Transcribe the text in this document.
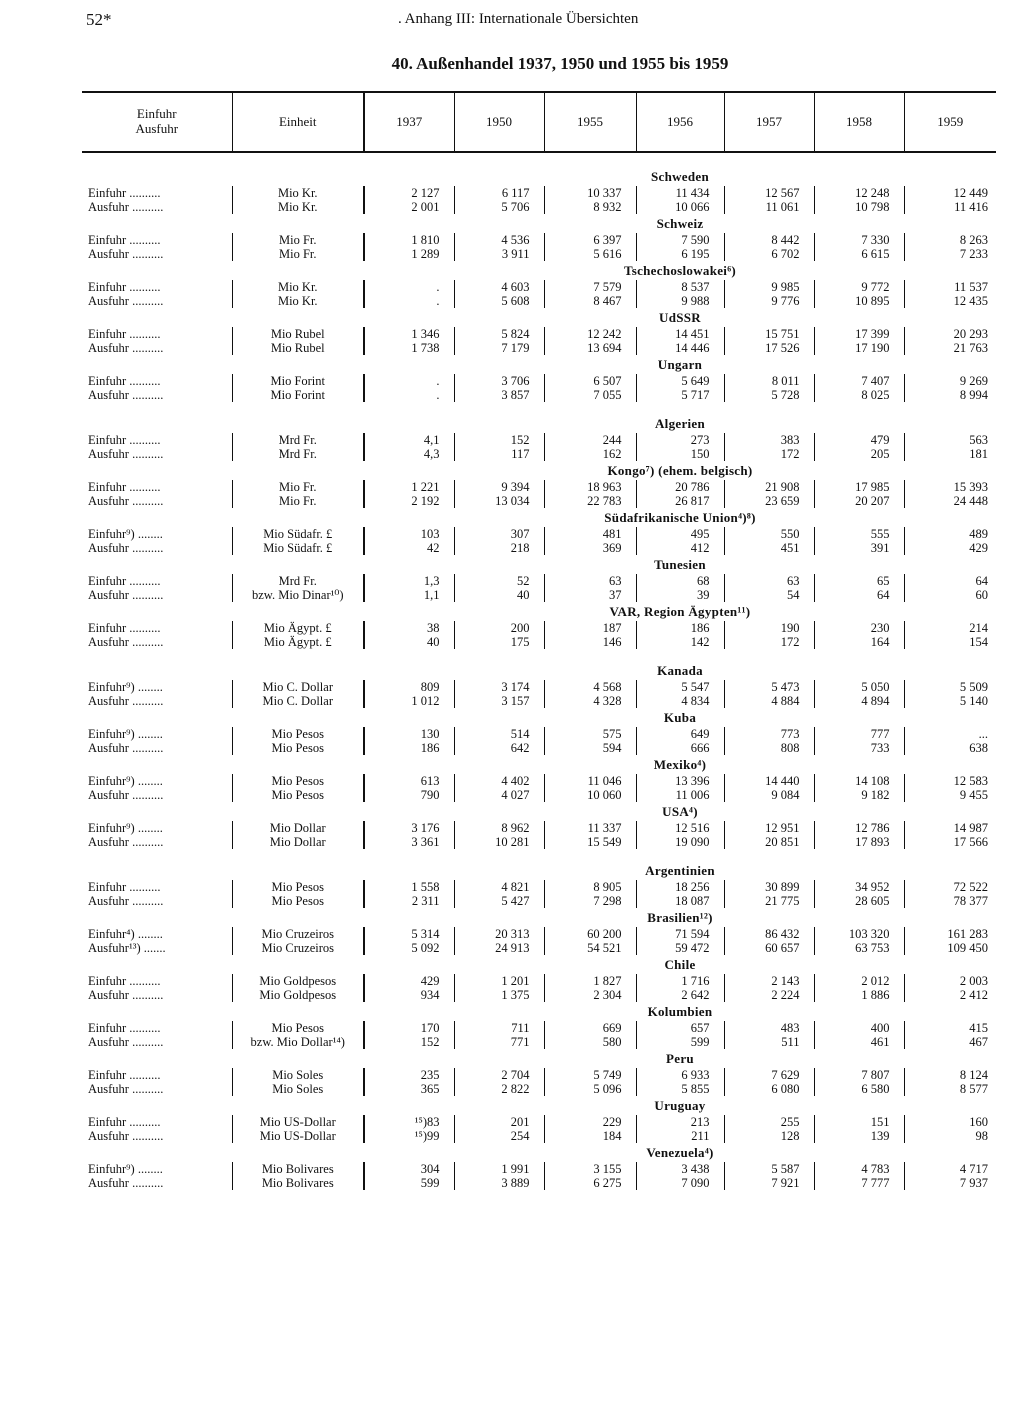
52*	. Anhang III: Internationale Übersichten
40. Außenhandel 1937, 1950 und 1955 bis 1959
Einfuhr
Ausfuhr	Einheit	1937	1950	1955	1956	1957	1958	1959

		Schweden						
Einfuhr ..........	Mio Kr.	2 127	6 117	10 337	11 434	12 567	12 248	12 449
Ausfuhr ..........	Mio Kr.	2 001	5 706	8 932	10 066	11 061	10 798	11 416
		Schweiz						
Einfuhr ..........	Mio Fr.	1 810	4 536	6 397	7 590	8 442	7 330	8 263
Ausfuhr ..........	Mio Fr.	1 289	3 911	5 616	6 195	6 702	6 615	7 233
		Tschechoslowakei⁶)						
Einfuhr ..........	Mio Kr.	.	4 603	7 579	8 537	9 985	9 772	11 537
Ausfuhr ..........	Mio Kr.	.	5 608	8 467	9 988	9 776	10 895	12 435
		UdSSR						
Einfuhr ..........	Mio Rubel	1 346	5 824	12 242	14 451	15 751	17 399	20 293
Ausfuhr ..........	Mio Rubel	1 738	7 179	13 694	14 446	17 526	17 190	21 763
		Ungarn						
Einfuhr ..........	Mio Forint	.	3 706	6 507	5 649	8 011	7 407	9 269
Ausfuhr ..........	Mio Forint	.	3 857	7 055	5 717	5 728	8 025	8 994

		Algerien						
Einfuhr ..........	Mrd Fr.	4,1	152	244	273	383	479	563
Ausfuhr ..........	Mrd Fr.	4,3	117	162	150	172	205	181
		Kongo⁷) (ehem. belgisch)						
Einfuhr ..........	Mio Fr.	1 221	9 394	18 963	20 786	21 908	17 985	15 393
Ausfuhr ..........	Mio Fr.	2 192	13 034	22 783	26 817	23 659	20 207	24 448
		Südafrikanische Union⁴)⁸)						
Einfuhr⁹) ........	Mio Südafr. £	103	307	481	495	550	555	489
Ausfuhr ..........	Mio Südafr. £	42	218	369	412	451	391	429
		Tunesien						
Einfuhr ..........	Mrd Fr.	1,3	52	63	68	63	65	64
Ausfuhr ..........	bzw. Mio Dinar¹⁰)	1,1	40	37	39	54	64	60
		VAR, Region Ägypten¹¹)						
Einfuhr ..........	Mio Ägypt. £	38	200	187	186	190	230	214
Ausfuhr ..........	Mio Ägypt. £	40	175	146	142	172	164	154

		Kanada						
Einfuhr⁹) ........	Mio C. Dollar	809	3 174	4 568	5 547	5 473	5 050	5 509
Ausfuhr ..........	Mio C. Dollar	1 012	3 157	4 328	4 834	4 884	4 894	5 140
		Kuba						
Einfuhr⁹) ........	Mio Pesos	130	514	575	649	773	777	...
Ausfuhr ..........	Mio Pesos	186	642	594	666	808	733	638
		Mexiko⁴)						
Einfuhr⁹) ........	Mio Pesos	613	4 402	11 046	13 396	14 440	14 108	12 583
Ausfuhr ..........	Mio Pesos	790	4 027	10 060	11 006	9 084	9 182	9 455
		USA⁴)						
Einfuhr⁹) ........	Mio Dollar	3 176	8 962	11 337	12 516	12 951	12 786	14 987
Ausfuhr ..........	Mio Dollar	3 361	10 281	15 549	19 090	20 851	17 893	17 566

		Argentinien						
Einfuhr ..........	Mio Pesos	1 558	4 821	8 905	18 256	30 899	34 952	72 522
Ausfuhr ..........	Mio Pesos	2 311	5 427	7 298	18 087	21 775	28 605	78 377
		Brasilien¹²)						
Einfuhr⁴) ........	Mio Cruzeiros	5 314	20 313	60 200	71 594	86 432	103 320	161 283
Ausfuhr¹³) .......	Mio Cruzeiros	5 092	24 913	54 521	59 472	60 657	63 753	109 450
		Chile						
Einfuhr ..........	Mio Goldpesos	429	1 201	1 827	1 716	2 143	2 012	2 003
Ausfuhr ..........	Mio Goldpesos	934	1 375	2 304	2 642	2 224	1 886	2 412
		Kolumbien						
Einfuhr ..........	Mio Pesos	170	711	669	657	483	400	415
Ausfuhr ..........	bzw. Mio Dollar¹⁴)	152	771	580	599	511	461	467
		Peru						
Einfuhr ..........	Mio Soles	235	2 704	5 749	6 933	7 629	7 807	8 124
Ausfuhr ..........	Mio Soles	365	2 822	5 096	5 855	6 080	6 580	8 577
		Uruguay						
Einfuhr ..........	Mio US-Dollar	¹⁵)83	201	229	213	255	151	160
Ausfuhr ..........	Mio US-Dollar	¹⁵)99	254	184	211	128	139	98
		Venezuela⁴)						
Einfuhr⁹) ........	Mio Bolivares	304	1 991	3 155	3 438	5 587	4 783	4 717
Ausfuhr ..........	Mio Bolivares	599	3 889	6 275	7 090	7 921	7 777	7 937
